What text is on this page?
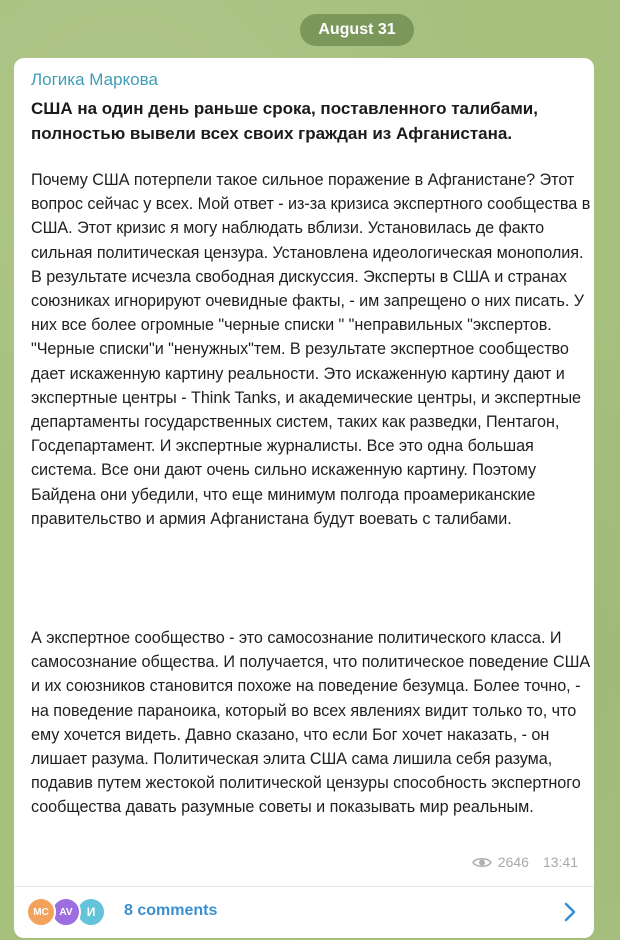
August 31
Логика Маркова
США на один день раньше срока, поставленного талибами, полностью вывели всех своих граждан из Афганистана.
Почему США потерпели такое сильное поражение в Афганистане? Этот вопрос сейчас у всех. Мой ответ - из-за кризиса экспертного сообщества в США. Этот кризис я могу наблюдать вблизи. Установилась де факто сильная политическая цензура. Установлена идеологическая монополия. В результате исчезла свободная дискуссия. Эксперты в США и странах союзниках игнорируют очевидные факты, - им запрещено о них писать. У них все более огромные "черные списки " "неправильных "экспертов. "Черные списки"и "ненужных"тем. В результате экспертное сообщество дает искаженную картину реальности. Это искаженную картину дают и экспертные центры - Think Tanks, и академические центры, и экспертные департаменты государственных систем, таких как разведки, Пентагон, Госдепартамент. И экспертные журналисты. Все это одна большая система. Все они дают очень сильно искаженную картину. Поэтому Байдена они убедили, что еще минимум полгода проамериканские правительство и армия Афганистана будут воевать с талибами.
А экспертное сообщество - это самосознание политического класса. И самосознание общества. И получается, что политическое поведение США и их союзников становится похоже на поведение безумца. Более точно, - на поведение параноика, который во всех явлениях видит только то, что ему хочется видеть. Давно сказано, что если Бог хочет наказать, - он лишает разума. Политическая элита США сама лишила себя разума, подавив путем жестокой политической цензуры способность экспертного сообщества давать разумные советы и показывать мир реальным.
2646 13:41
MC	AV	И	8 comments
